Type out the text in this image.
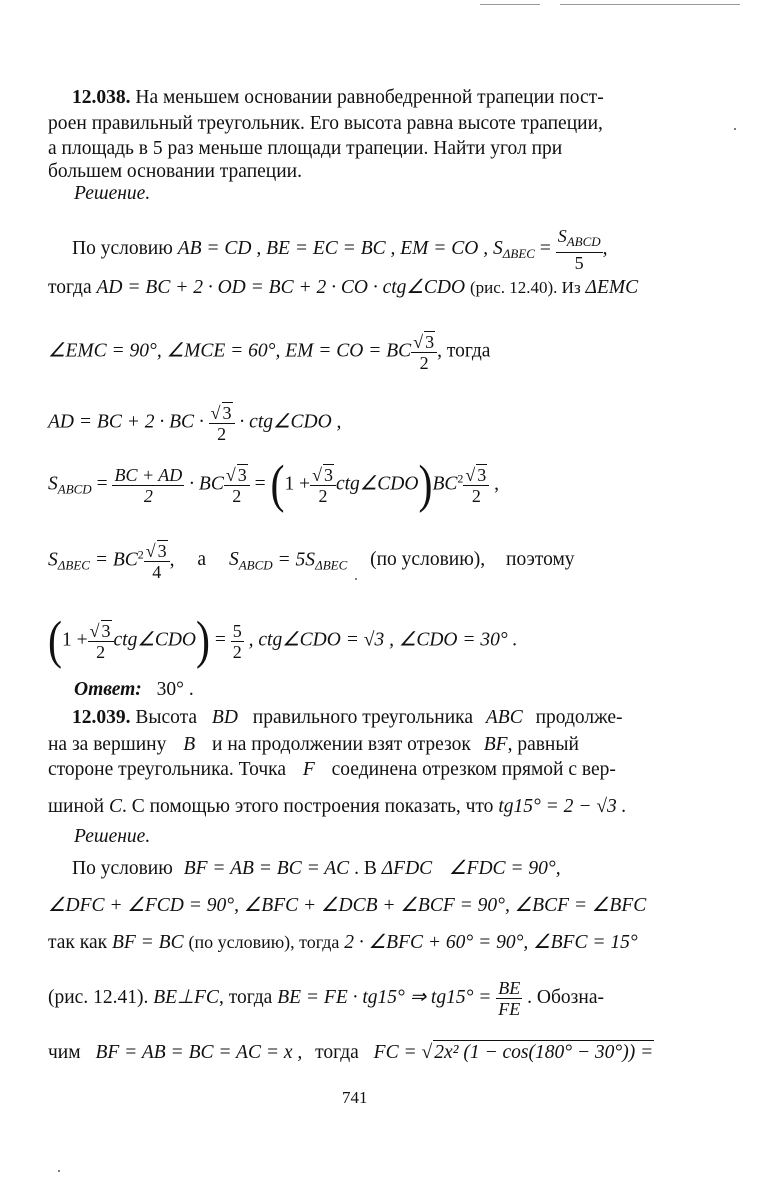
12.038. На меньшем основании равнобедренной трапеции пост-
роен правильный треугольник. Его высота равна высоте трапеции,
а площадь в 5 раз меньше площади трапеции. Найти угол при
большем основании трапеции.
Решение.
По условию AB = CD , BE = EC = BC , EM = CO , $S_{\Delta BEC} = \frac{S_{ABCD}}{5}$ ,
тогда AD = BC + 2 · OD = BC + 2 · CO · ctg∠CDO (рис. 12.40). Из ΔEMC
∠EMC = 90°, ∠MCE = 60°, EM = CO = BC $\frac{√ 3}{2}$ , тогда
AD = BC + 2 · BC · $\frac{√ 3}{2}$ · ctg∠CDO ,
$S_{ABCD} = \frac{BC + AD}{2}$ · BC $\frac{√ 3}{2} = (1 + \frac{√ 3}{2}$ $ctg\angle CDO)BC^2 \frac{√ 3}{2}$ ,
$S_{\Delta BEC} = BC^2 \frac{√ 3}{4}$ , а $S_{ABCD} = 5S_{\Delta BEC}$ (по условию), поэтому
($1 + \frac{√ 3}{2}$ ctg∠CDO) = $\frac{5}{2}$ , ctg∠CDO = √3 , ∠CDO = 30° .
Ответ: 30° .
12.039. Высота BD правильного треугольника ABC продолже-
на за вершину B и на продолжении взят отрезок BF, равный
стороне треугольника. Точка F соединена отрезком прямой с вер-
шиной C. С помощью этого построения показать, что tg15° = 2 − √3 .
Решение.
По условию BF = AB = BC = AC . В ΔFDC ∠FDC = 90°,
∠DFC + ∠FCD = 90°, ∠BFC + ∠DCB + ∠BCF = 90°, ∠BCF = ∠BFC
так как BF = BC (по условию), тогда 2 · ∠BFC + 60° = 90°, ∠BFC = 15°
(рис. 12.41). BE⊥FC, тогда BE = FE · tg15° ⇒ $tg15^\circ = \frac{BE}{FE}$ . Обозна-
чим BF = AB = BC = AC = x , тогда FC = √ 2x² (1 − cos(180° − 30°)) =
741
